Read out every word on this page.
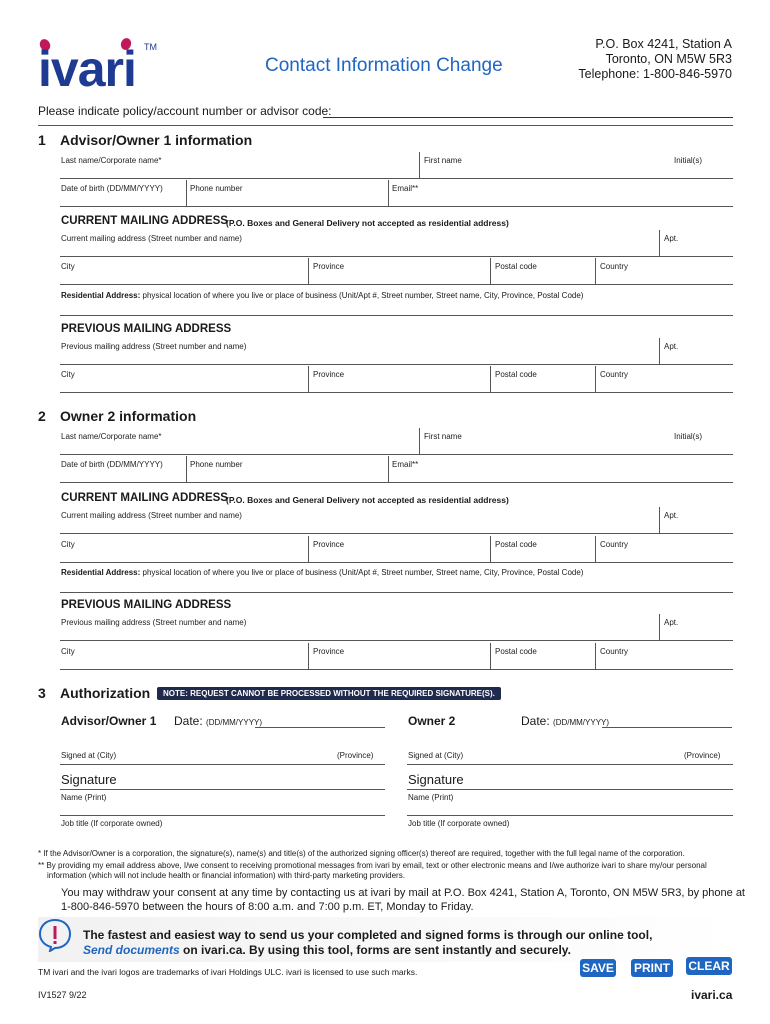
ivari TM
Contact Information Change
P.O. Box 4241, Station A
Toronto, ON M5W 5R3
Telephone: 1-800-846-5970
Please indicate policy/account number or advisor code:
1 Advisor/Owner 1 information
Last name/Corporate name*	First name	Initial(s)
Date of birth (DD/MM/YYYY)	Phone number	Email**
CURRENT MAILING ADDRESS
(P.O. Boxes and General Delivery not accepted as residential address)
Current mailing address (Street number and name)	Apt.
City	Province	Postal code	Country
Residential Address: physical location of where you live or place of business (Unit/Apt #, Street number, Street name, City, Province, Postal Code)
PREVIOUS MAILING ADDRESS
Previous mailing address (Street number and name)	Apt.
City	Province	Postal code	Country
2 Owner 2 information
Last name/Corporate name*	First name	Initial(s)
Date of birth (DD/MM/YYYY)	Phone number	Email**
CURRENT MAILING ADDRESS
(P.O. Boxes and General Delivery not accepted as residential address)
Current mailing address (Street number and name)	Apt.
City	Province	Postal code	Country
Residential Address: physical location of where you live or place of business (Unit/Apt #, Street number, Street name, City, Province, Postal Code)
PREVIOUS MAILING ADDRESS
Previous mailing address (Street number and name)	Apt.
City	Province	Postal code	Country
3 Authorization	NOTE: REQUEST CANNOT BE PROCESSED WITHOUT THE REQUIRED SIGNATURE(S).
Advisor/Owner 1 Date: (DD/MM/YYYY)
Signed at (City)	(Province)
Signature
Name (Print)
Job title (If corporate owned)
Owner 2	Date: (DD/MM/YYYY)
Signed at (City)	(Province)
Signature
Name (Print)
Job title (If corporate owned)
* If the Advisor/Owner is a corporation, the signature(s), name(s) and title(s) of the authorized signing officer(s) thereof are required, together with the full legal name of the corporation.
** By providing my email address above, I/we consent to receiving promotional messages from ivari by email, text or other electronic means and I/we authorize ivari to share my/our personal
information (which will not include health or financial information) with third-party marketing providers.
You may withdraw your consent at any time by contacting us at ivari by mail at P.O. Box 4241, Station A, Toronto, ON M5W 5R3, by phone at
1-800-846-5970 between the hours of 8:00 a.m. and 7:00 p.m. ET, Monday to Friday.
The fastest and easiest way to send us your completed and signed forms is through our online tool,
Send documents on ivari.ca. By using this tool, forms are sent instantly and securely.
TM ivari and the ivari logos are trademarks of ivari Holdings ULC. ivari is licensed to use such marks.	SAVE PRINT CLEAR
IV1527 9/22	ivari.ca
